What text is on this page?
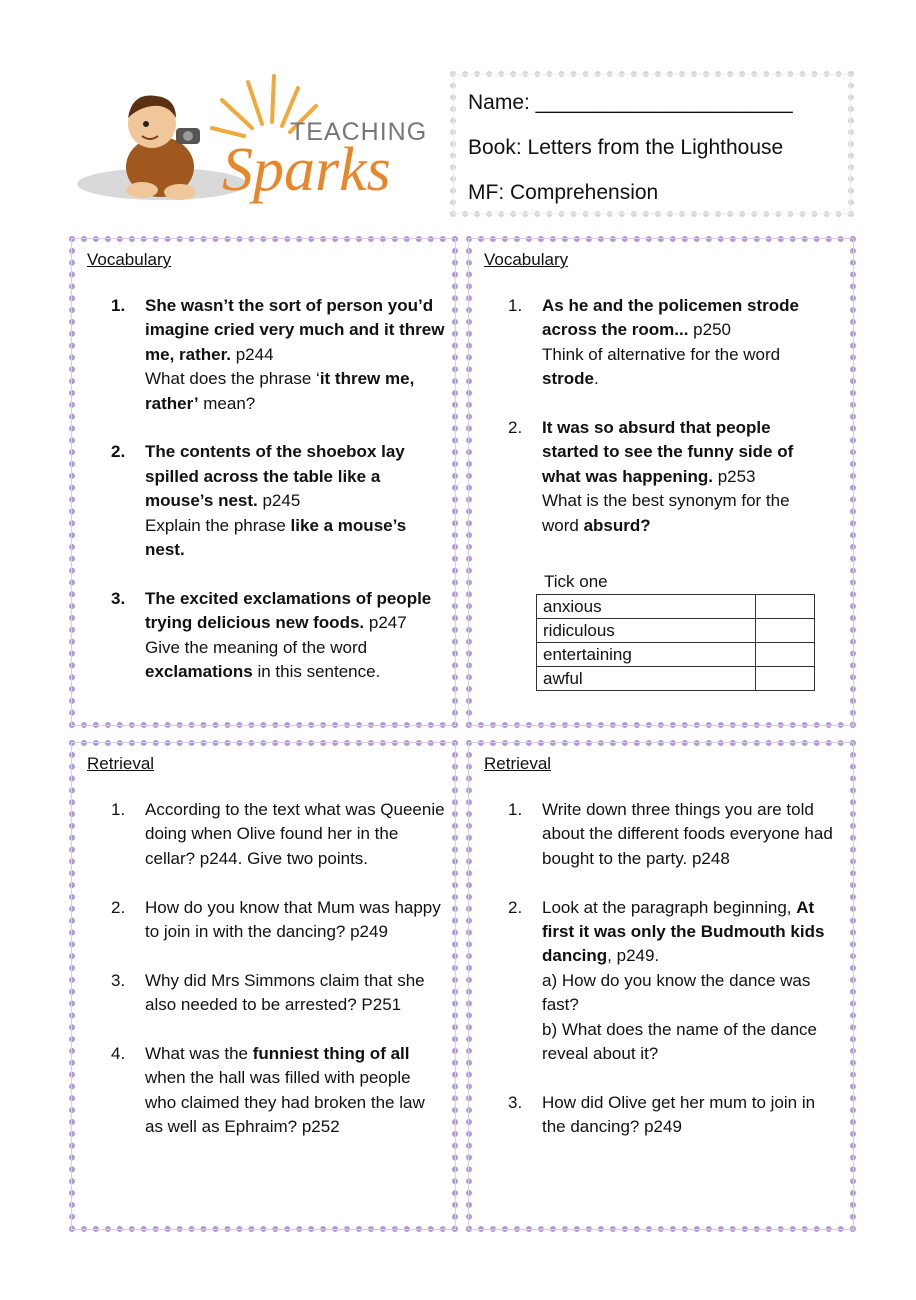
TEACHING
Sparks
Name: ______________________
Book: Letters from the Lighthouse
MF: Comprehension
Vocabulary
1.	She wasn’t the sort of person you’d imagine cried very much and it threw me, rather. p244
What does the phrase ‘it threw me, rather’ mean?
2.	The contents of the shoebox lay spilled across the table like a mouse’s nest. p245
Explain the phrase like a mouse’s nest.
3.	The excited exclamations of people trying delicious new foods. p247
Give the meaning of the word exclamations in this sentence.
Vocabulary
1.	As he and the policemen strode across the room... p250
Think of alternative for the word strode.
2.	It was so absurd that people started to see the funny side of what was happening. p253
What is the best synonym for the word absurd?
Tick one
anxious	
ridiculous	
entertaining	
awful	
Retrieval
1.	According to the text what was Queenie doing when Olive found her in the cellar? p244. Give two points.
2.	How do you know that Mum was happy to join in with the dancing? p249
3.	Why did Mrs Simmons claim that she also needed to be arrested? P251
4.	What was the funniest thing of all when the hall was filled with people who claimed they had broken the law as well as Ephraim? p252
Retrieval
1.	Write down three things you are told about the different foods everyone had bought to the party. p248
2.	Look at the paragraph beginning, At first it was only the Budmouth kids dancing, p249.
a) How do you know the dance was fast?
b) What does the name of the dance reveal about it?
3.	How did Olive get her mum to join in the dancing? p249
